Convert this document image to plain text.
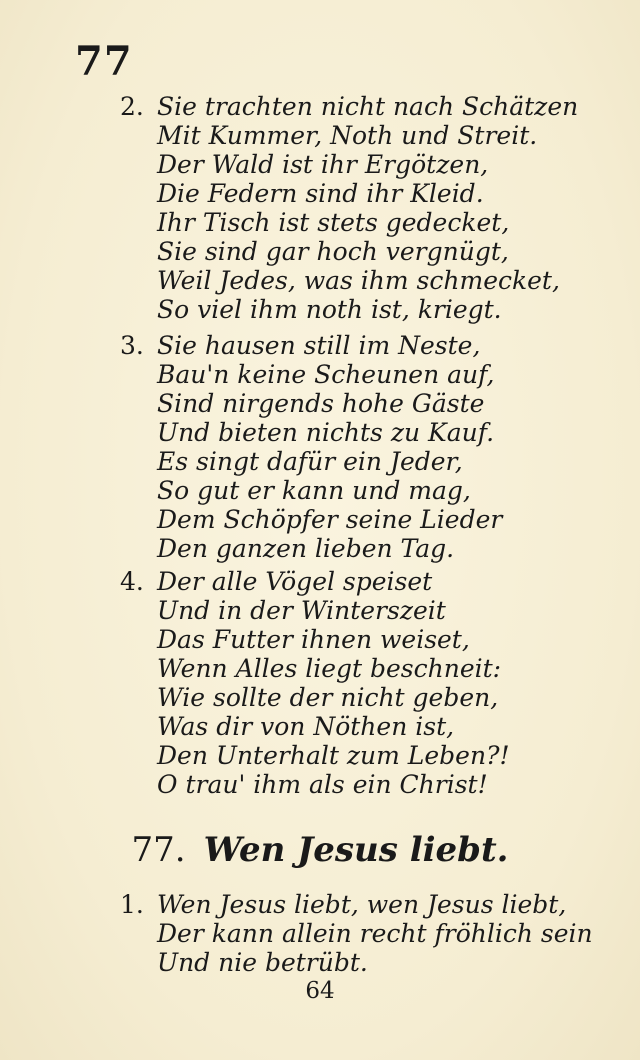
77
2. Sie trachten nicht nach Schätzen
Mit Kummer, Noth und Streit.
Der Wald ist ihr Ergötzen,
Die Federn sind ihr Kleid.
Ihr Tisch ist stets gedecket,
Sie sind gar hoch vergnügt,
Weil Jedes, was ihm schmecket,
So viel ihm noth ist, kriegt.
3. Sie hausen still im Neste,
Bau'n keine Scheunen auf,
Sind nirgends hohe Gäste
Und bieten nichts zu Kauf.
Es singt dafür ein Jeder,
So gut er kann und mag,
Dem Schöpfer seine Lieder
Den ganzen lieben Tag.
4. Der alle Vögel speiset
Und in der Winterszeit
Das Futter ihnen weiset,
Wenn Alles liegt beschneit:
Wie sollte der nicht geben,
Was dir von Nöthen ist,
Den Unterhalt zum Leben?!
O trau' ihm als ein Christ!
77. Wen Jesus liebt.
1. Wen Jesus liebt, wen Jesus liebt,
Der kann allein recht fröhlich sein
Und nie betrübt.
64
